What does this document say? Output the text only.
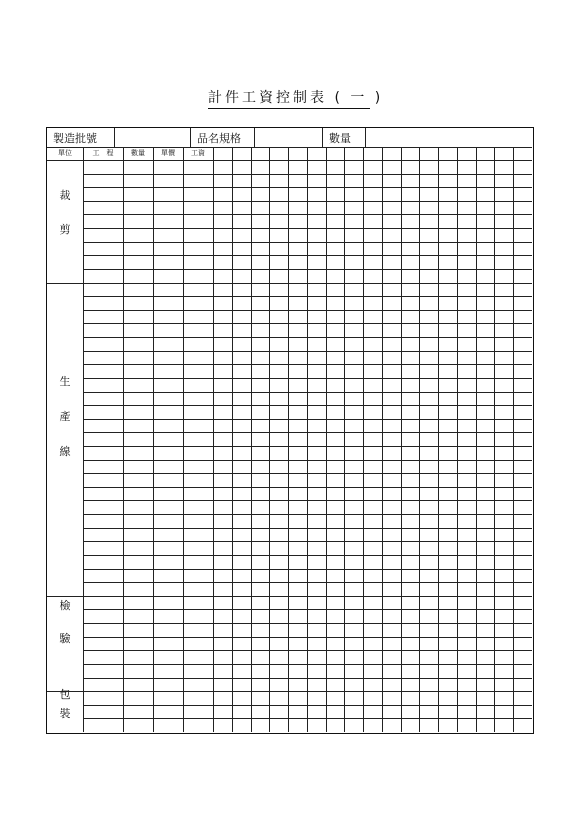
計件工資控制表 ( 一 )
製造批號	品名規格	數量
單位	工　程	數量	單價	工資
裁
剪
生
產
線
檢
驗
包
裝
